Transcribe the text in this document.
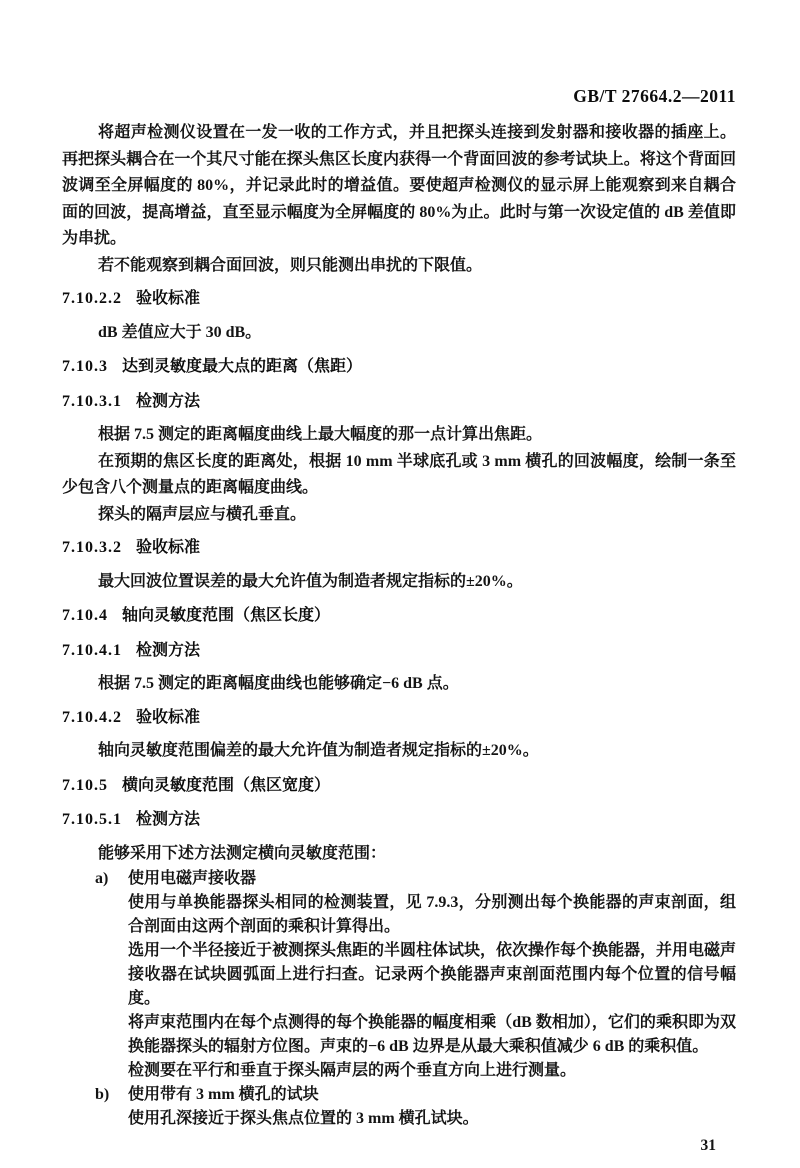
GB/T 27664.2—2011

将超声检测仪设置在一发一收的工作方式，并且把探头连接到发射器和接收器的插座上。再把探头耦合在一个其尺寸能在探头焦区长度内获得一个背面回波的参考试块上。将这个背面回波调至全屏幅度的 80%，并记录此时的增益值。要使超声检测仪的显示屏上能观察到来自耦合面的回波，提高增益，直至显示幅度为全屏幅度的 80%为止。此时与第一次设定值的 dB 差值即为串扰。

若不能观察到耦合面回波，则只能测出串扰的下限值。

7.10.2.2 验收标准

dB 差值应大于 30 dB。

7.10.3 达到灵敏度最大点的距离（焦距）
7.10.3.1 检测方法

根据 7.5 测定的距离幅度曲线上最大幅度的那一点计算出焦距。

在预期的焦区长度的距离处，根据 10 mm 半球底孔或 3 mm 横孔的回波幅度，绘制一条至少包含八个测量点的距离幅度曲线。

探头的隔声层应与横孔垂直。

7.10.3.2 验收标准

最大回波位置误差的最大允许值为制造者规定指标的±20%。

7.10.4 轴向灵敏度范围（焦区长度）
7.10.4.1 检测方法

根据 7.5 测定的距离幅度曲线也能够确定−6 dB 点。

7.10.4.2 验收标准

轴向灵敏度范围偏差的最大允许值为制造者规定指标的±20%。

7.10.5 横向灵敏度范围（焦区宽度）
7.10.5.1 检测方法

能够采用下述方法测定横向灵敏度范围：

a) 使用电磁声接收器

使用与单换能器探头相同的检测装置，见 7.9.3，分别测出每个换能器的声束剖面，组合剖面由这两个剖面的乘积计算得出。

选用一个半径接近于被测探头焦距的半圆柱体试块，依次操作每个换能器，并用电磁声接收器在试块圆弧面上进行扫查。记录两个换能器声束剖面范围内每个位置的信号幅度。

将声束范围内在每个点测得的每个换能器的幅度相乘（dB 数相加），它们的乘积即为双换能器探头的辐射方位图。声束的−6 dB 边界是从最大乘积值减少 6 dB 的乘积值。

检测要在平行和垂直于探头隔声层的两个垂直方向上进行测量。

b) 使用带有 3 mm 横孔的试块

使用孔深接近于探头焦点位置的 3 mm 横孔试块。

31
